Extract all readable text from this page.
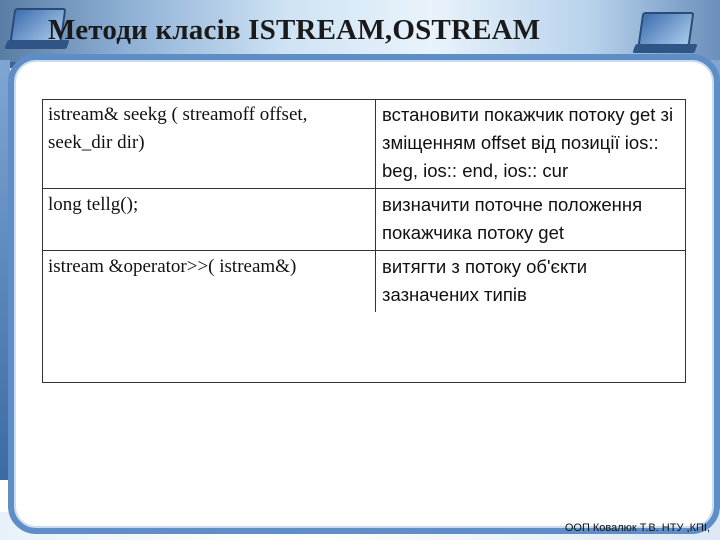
Методи класів ISTREAM,OSTREAM
istream& seekg ( streamoff offset, seek_dir dir)	встановити покажчик потоку get зі зміщенням offset від позиції ios:: beg, ios:: end, ios:: cur
long tellg();	визначити поточне положення покажчика потоку get
istream &operator>>( istream&)	витягти з потоку об'єкти зазначених типів
ООП Ковалюк Т.В. НТУ ,КПІ,
